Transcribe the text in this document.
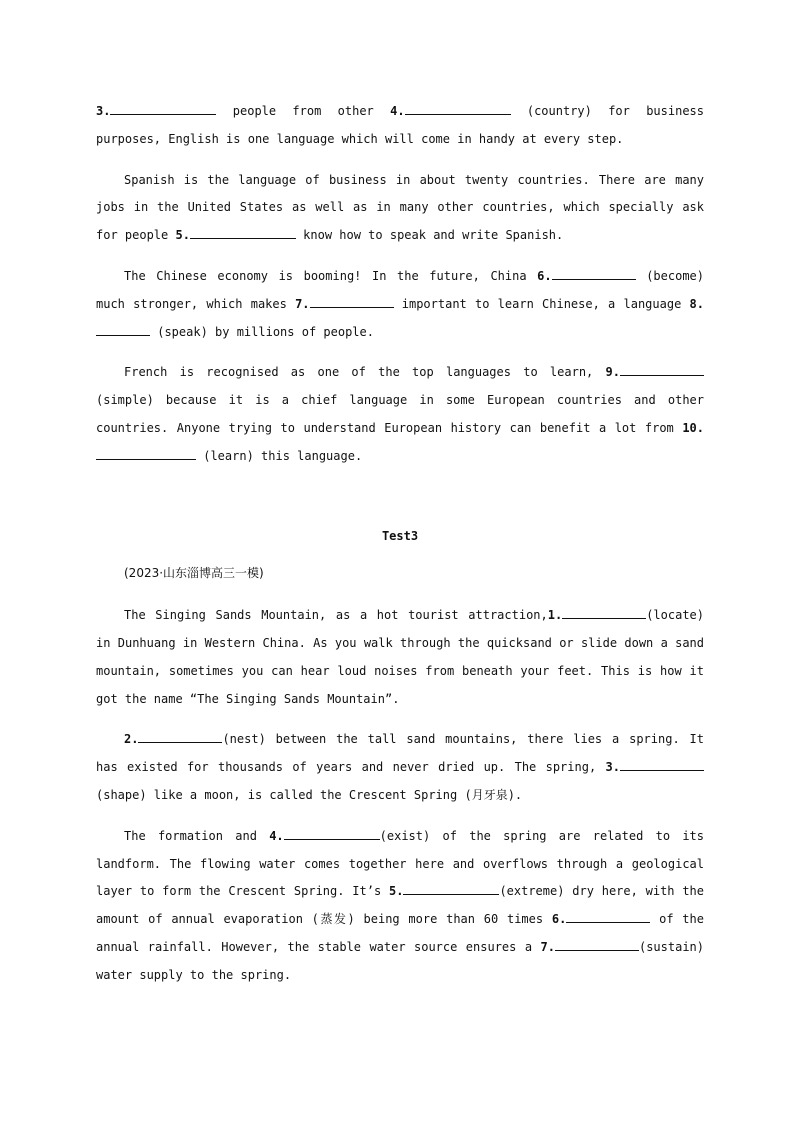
3.	people from other 4.	(country) for business purposes, English is one language which will come in handy at every step.

Spanish is the language of business in about twenty countries. There are many jobs in the United States as well as in many other countries, which specially ask for people 5.	know how to speak and write Spanish.

The Chinese economy is booming! In the future, China 6.	(become) much stronger, which makes 7.	important to learn Chinese, a language 8. (speak) by millions of people.

French is recognised as one of the top languages to learn, 9. (simple) because it is a chief language in some European countries and other countries. Anyone trying to understand European history can benefit a lot from 10. (learn) this language.

Test3

(2023·山东淄博高三一模)

The Singing Sands Mountain, as a hot tourist attraction,1.	(locate) in Dunhuang in Western China. As you walk through the quicksand or slide down a sand mountain, sometimes you can hear loud noises from beneath your feet. This is how it got the name “The Singing Sands Mountain”.

2.	(nest) between the tall sand mountains, there lies a spring. It has existed for thousands of years and never dried up. The spring, 3.(shape) like a moon, is called the Crescent Spring (月牙泉).

The formation and 4.	(exist) of the spring are related to its landform. The flowing water comes together here and overflows through a geological layer to form the Crescent Spring. It’s 5.	(extreme) dry here, with the amount of annual evaporation (蒸发) being more than 60 times 6.	of the annual rainfall. However, the stable water source ensures a 7.	(sustain) water supply to the spring.
